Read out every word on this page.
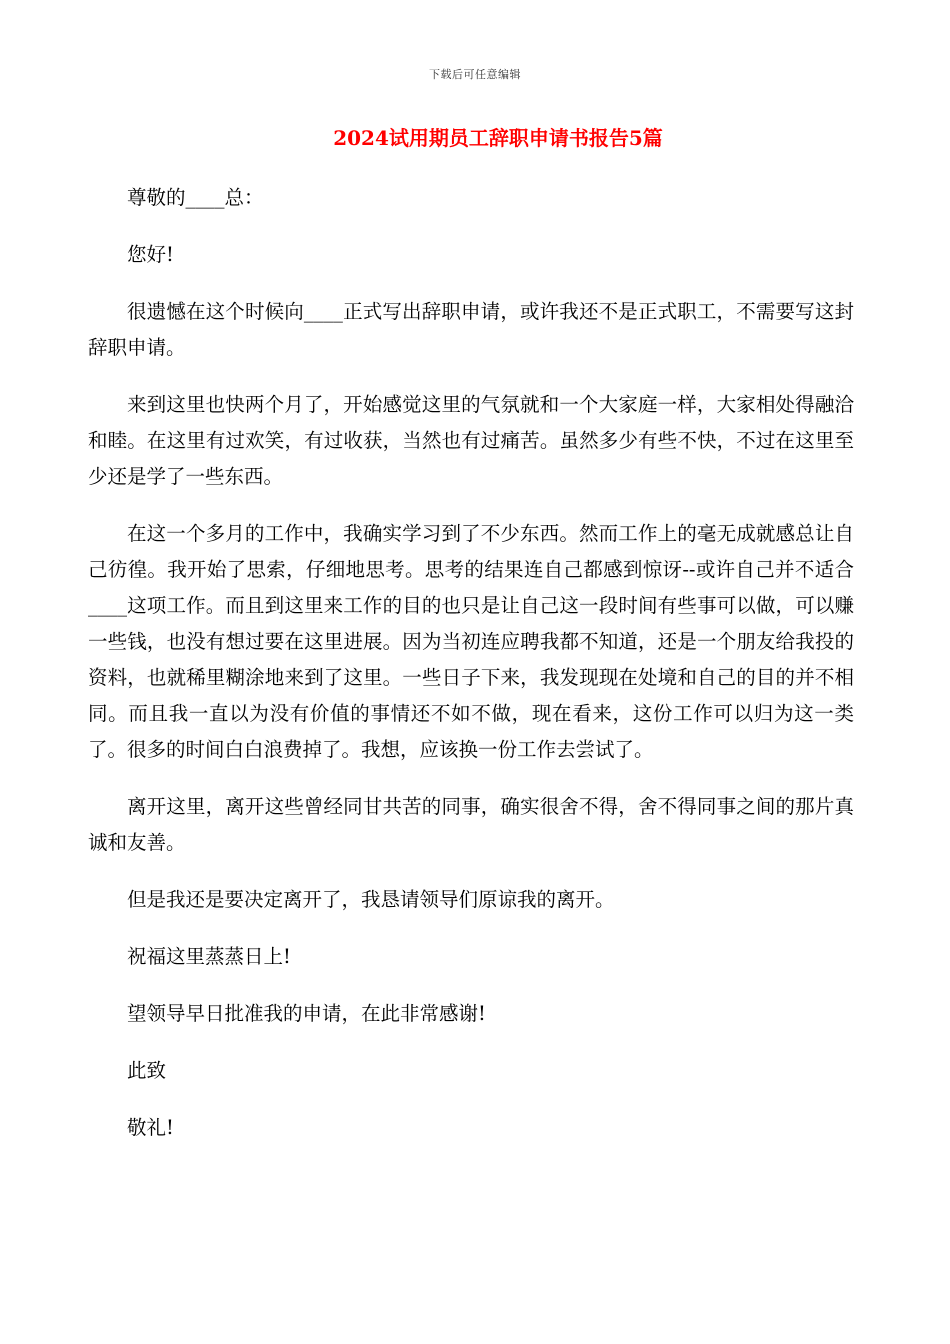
下载后可任意编辑
2024试用期员工辞职申请书报告5篇

尊敬的____总：

您好!

很遗憾在这个时候向____正式写出辞职申请，或许我还不是正式职工，不需要写这封辞职申请。

来到这里也快两个月了，开始感觉这里的气氛就和一个大家庭一样，大家相处得融洽和睦。在这里有过欢笑，有过收获，当然也有过痛苦。虽然多少有些不快，不过在这里至少还是学了一些东西。

在这一个多月的工作中，我确实学习到了不少东西。然而工作上的毫无成就感总让自己彷徨。我开始了思索，仔细地思考。思考的结果连自己都感到惊讶--或许自己并不适合____这项工作。而且到这里来工作的目的也只是让自己这一段时间有些事可以做，可以赚一些钱，也没有想过要在这里进展。因为当初连应聘我都不知道，还是一个朋友给我投的资料，也就稀里糊涂地来到了这里。一些日子下来，我发现现在处境和自己的目的并不相同。而且我一直以为没有价值的事情还不如不做，现在看来，这份工作可以归为这一类了。很多的时间白白浪费掉了。我想，应该换一份工作去尝试了。

离开这里，离开这些曾经同甘共苦的同事，确实很舍不得，舍不得同事之间的那片真诚和友善。

但是我还是要决定离开了，我恳请领导们原谅我的离开。

祝福这里蒸蒸日上!

望领导早日批准我的申请，在此非常感谢!

此致

敬礼!
